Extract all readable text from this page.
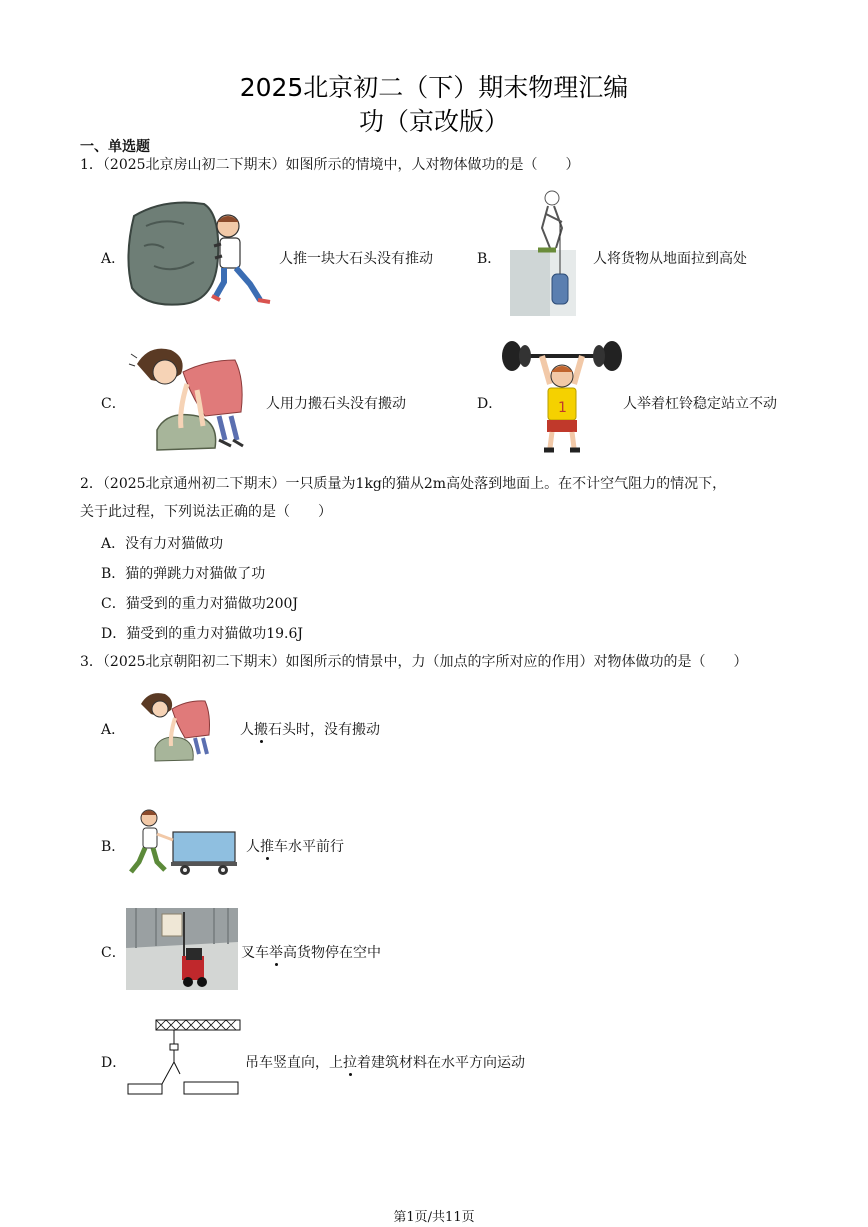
2025北京初二（下）期末物理汇编
功（京改版）
一、单选题
1．（2025北京房山初二下期末）如图所示的情境中，人对物体做功的是（　　）
A．	人推一块大石头没有推动	B．	人将货物从地面拉到高处
C．	人用力搬石头没有搬动	D．	1	人举着杠铃稳定站立不动
2．（2025北京通州初二下期末）一只质量为1kg的猫从2m高处落到地面上。在不计空气阻力的情况下，
关于此过程，下列说法正确的是（　　）
A．没有力对猫做功
B．猫的弹跳力对猫做了功
C．猫受到的重力对猫做功200J
D．猫受到的重力对猫做功19.6J
3．（2025北京朝阳初二下期末）如图所示的情景中，力（加点的字所对应的作用）对物体做功的是（　　）
A．	人搬石头时，没有搬动
B．	人推车水平前行
C．	叉车举高货物停在空中
D．	吊车竖直向，上拉着建筑材料在水平方向运动
第1页/共11页
